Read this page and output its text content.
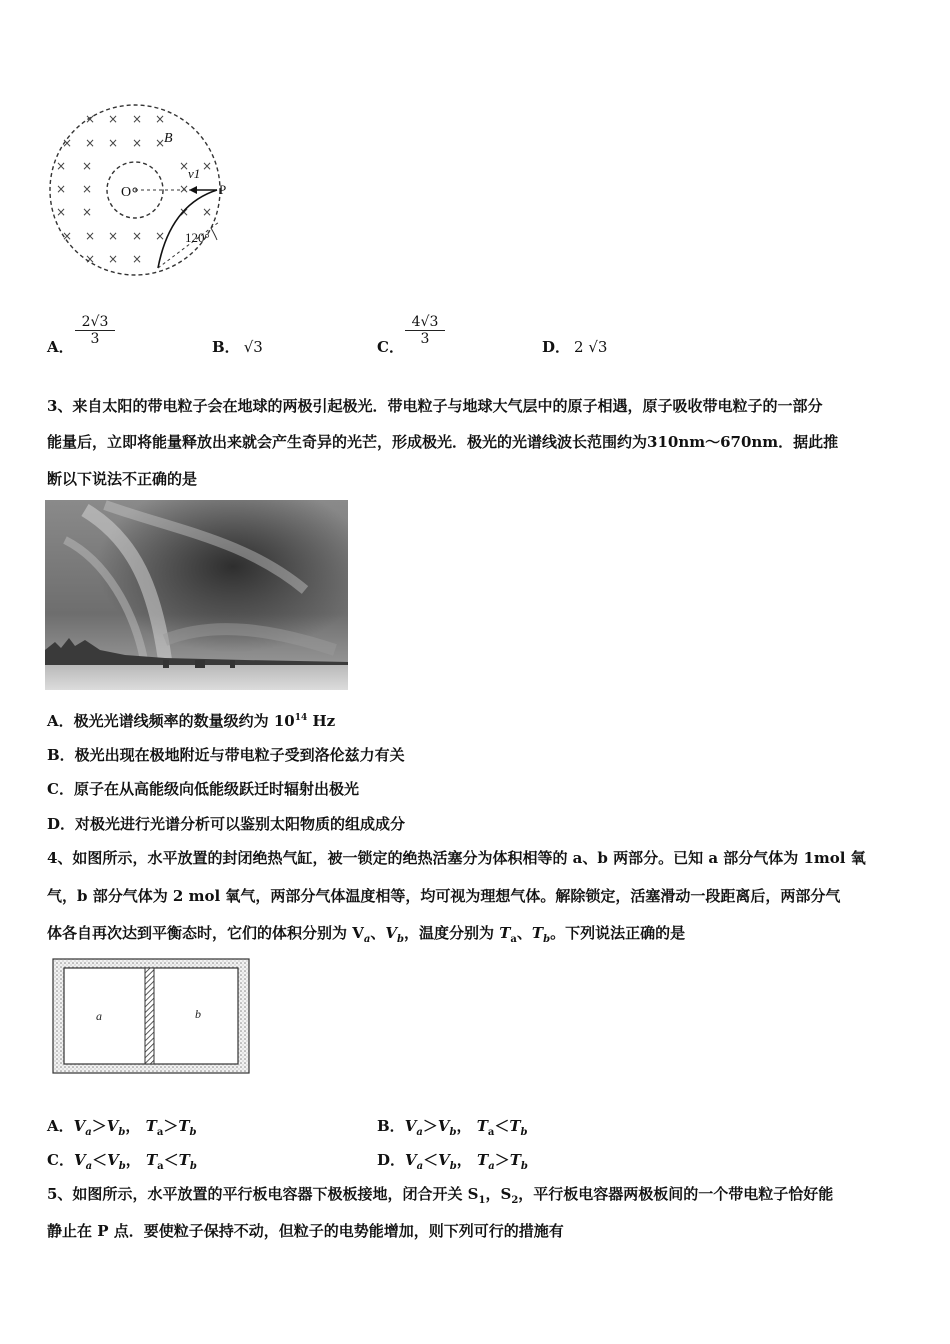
× × × ×
× × × × ×
× ×	× ×
× ×	×
× ×	× ×
× × × × ×
× × ×
B
O
v1
P
120°
A． $\frac{2√3}{3}$	B． √3	C． $\frac{4√3}{3}$	D． 2 √3
3、来自太阳的带电粒子会在地球的两极引起极光．带电粒子与地球大气层中的原子相遇，原子吸收带电粒子的一部分
能量后，立即将能量释放出来就会产生奇异的光芒，形成极光．极光的光谱线波长范围约为310nm～670nm．据此推
断以下说法不正确的是
A．极光光谱线频率的数量级约为 $10^{14}$ Hz
B．极光出现在极地附近与带电粒子受到洛伦兹力有关
C．原子在从高能级向低能级跃迁时辐射出极光
D．对极光进行光谱分析可以鉴别太阳物质的组成成分
4、如图所示，水平放置的封闭绝热气缸，被一锁定的绝热活塞分为体积相等的 a、b 两部分。已知 a 部分气体为 1mol 氧
气，b 部分气体为 2 mol 氧气，两部分气体温度相等，均可视为理想气体。解除锁定，活塞滑动一段距离后，两部分气
体各自再次达到平衡态时，它们的体积分别为 $V_a$、$V_b$，温度分别为 $T_a$、$T_b$。下列说法正确的是
a	b
A．$V_a>V_b$， $T_a>T_b$	B．$V_a>V_b$， $T_a<T_b$
C．$V_a<V_b$， $T_a<T_b$	D．$V_a<V_b$， $T_a>T_b$
5、如图所示，水平放置的平行板电容器下极板接地，闭合开关 $S_1$，$S_2$，平行板电容器两极板间的一个带电粒子恰好能
静止在 P 点．要使粒子保持不动，但粒子的电势能增加，则下列可行的措施有
